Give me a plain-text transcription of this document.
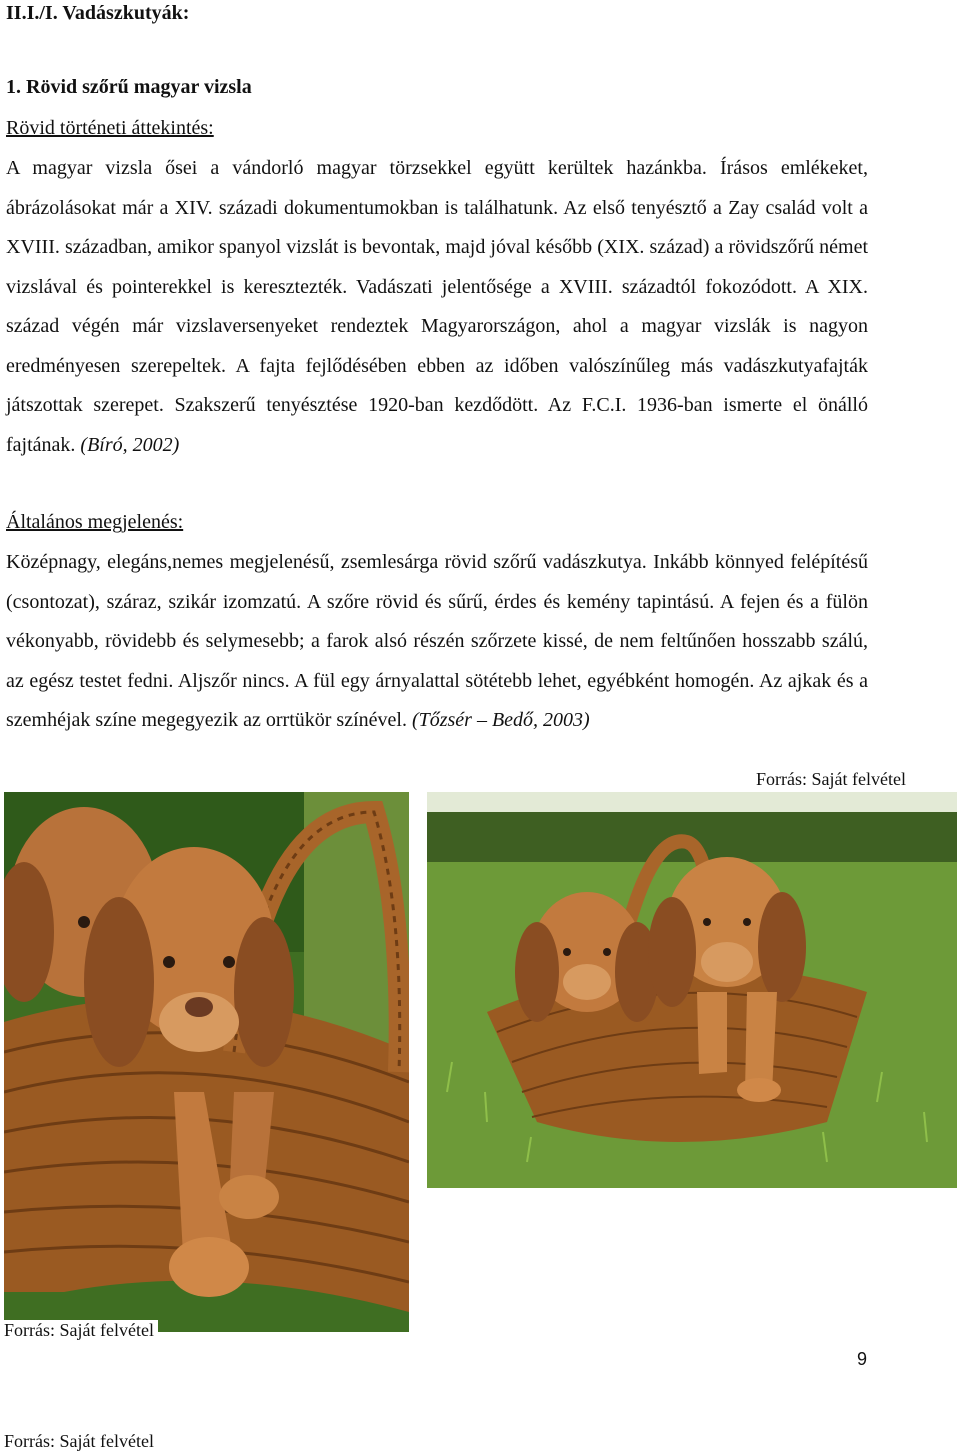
II.I./I. Vadászkutyák:
1. Rövid szőrű magyar vizsla
Rövid történeti áttekintés:

A magyar vizsla ősei a vándorló magyar törzsekkel együtt kerültek hazánkba. Írásos emlékeket, ábrázolásokat már a XIV. századi dokumentumokban is találhatunk. Az első tenyésztő a Zay család volt a XVIII. században, amikor spanyol vizslát is bevontak, majd jóval később (XIX. század) a rövidszőrű német vizslával és pointerekkel is keresztezték. Vadászati jelentősége a XVIII. századtól fokozódott. A XIX. század végén már vizslaversenyeket rendeztek Magyarországon, ahol a magyar vizslák is nagyon eredményesen szerepeltek. A fajta fejlődésében ebben az időben valószínűleg más vadászkutyafajták játszottak szerepet. Szakszerű tenyésztése 1920-ban kezdődött. Az F.C.I. 1936-ban ismerte el önálló fajtának. (Bíró, 2002)

Általános megjelenés:

Középnagy, elegáns,nemes megjelenésű, zsemlesárga rövid szőrű vadászkutya. Inkább könnyed felépítésű (csontozat), száraz, szikár izomzatú. A szőre rövid és sűrű, érdes és kemény tapintású. A fejen és a fülön vékonyabb, rövidebb és selymesebb; a farok alsó részén szőrzete kissé, de nem feltűnően hosszabb szálú, az egész testet fedni. Aljszőr nincs. A fül egy árnyalattal sötétebb lehet, egyébként homogén. Az ajkak és a szemhéjak színe megegyezik az orrtükör színével. (Tőzsér – Bedő, 2003)

Forrás: Saját felvétel
Forrás: Saját felvétel
9
Forrás: Saját felvétel
